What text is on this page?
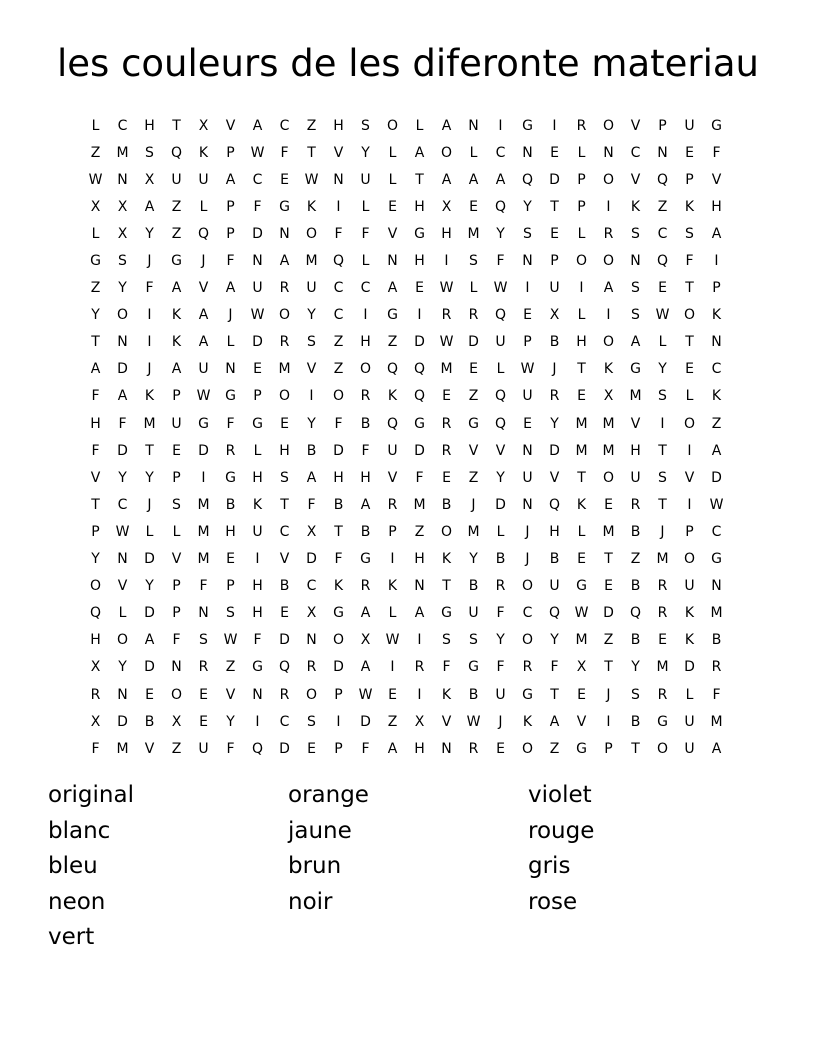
les couleurs de les diferonte materiau
L	C	H	T	X	V	A	C	Z	H	S	O	L	A	N	I	G	I	R	O	V	P	U	G
Z	M	S	Q	K	P	W	F	T	V	Y	L	A	O	L	C	N	E	L	N	C	N	E	F
W	N	X	U	U	A	C	E	W	N	U	L	T	A	A	A	Q	D	P	O	V	Q	P	V
X	X	A	Z	L	P	F	G	K	I	L	E	H	X	E	Q	Y	T	P	I	K	Z	K	H
L	X	Y	Z	Q	P	D	N	O	F	F	V	G	H	M	Y	S	E	L	R	S	C	S	A
G	S	J	G	J	F	N	A	M	Q	L	N	H	I	S	F	N	P	O	O	N	Q	F	I
Z	Y	F	A	V	A	U	R	U	C	C	A	E	W	L	W	I	U	I	A	S	E	T	P
Y	O	I	K	A	J	W	O	Y	C	I	G	I	R	R	Q	E	X	L	I	S	W	O	K
T	N	I	K	A	L	D	R	S	Z	H	Z	D	W	D	U	P	B	H	O	A	L	T	N
A	D	J	A	U	N	E	M	V	Z	O	Q	Q	M	E	L	W	J	T	K	G	Y	E	C
F	A	K	P	W	G	P	O	I	O	R	K	Q	E	Z	Q	U	R	E	X	M	S	L	K
H	F	M	U	G	F	G	E	Y	F	B	Q	G	R	G	Q	E	Y	M	M	V	I	O	Z
F	D	T	E	D	R	L	H	B	D	F	U	D	R	V	V	N	D	M	M	H	T	I	A
V	Y	Y	P	I	G	H	S	A	H	H	V	F	E	Z	Y	U	V	T	O	U	S	V	D
T	C	J	S	M	B	K	T	F	B	A	R	M	B	J	D	N	Q	K	E	R	T	I	W
P	W	L	L	M	H	U	C	X	T	B	P	Z	O	M	L	J	H	L	M	B	J	P	C
Y	N	D	V	M	E	I	V	D	F	G	I	H	K	Y	B	J	B	E	T	Z	M	O	G
O	V	Y	P	F	P	H	B	C	K	R	K	N	T	B	R	O	U	G	E	B	R	U	N
Q	L	D	P	N	S	H	E	X	G	A	L	A	G	U	F	C	Q	W	D	Q	R	K	M
H	O	A	F	S	W	F	D	N	O	X	W	I	S	S	Y	O	Y	M	Z	B	E	K	B
X	Y	D	N	R	Z	G	Q	R	D	A	I	R	F	G	F	R	F	X	T	Y	M	D	R
R	N	E	O	E	V	N	R	O	P	W	E	I	K	B	U	G	T	E	J	S	R	L	F
X	D	B	X	E	Y	I	C	S	I	D	Z	X	V	W	J	K	A	V	I	B	G	U	M
F	M	V	Z	U	F	Q	D	E	P	F	A	H	N	R	E	O	Z	G	P	T	O	U	A
original	orange	violet
blanc	jaune	rouge
bleu	brun	gris
neon	noir	rose
vert
